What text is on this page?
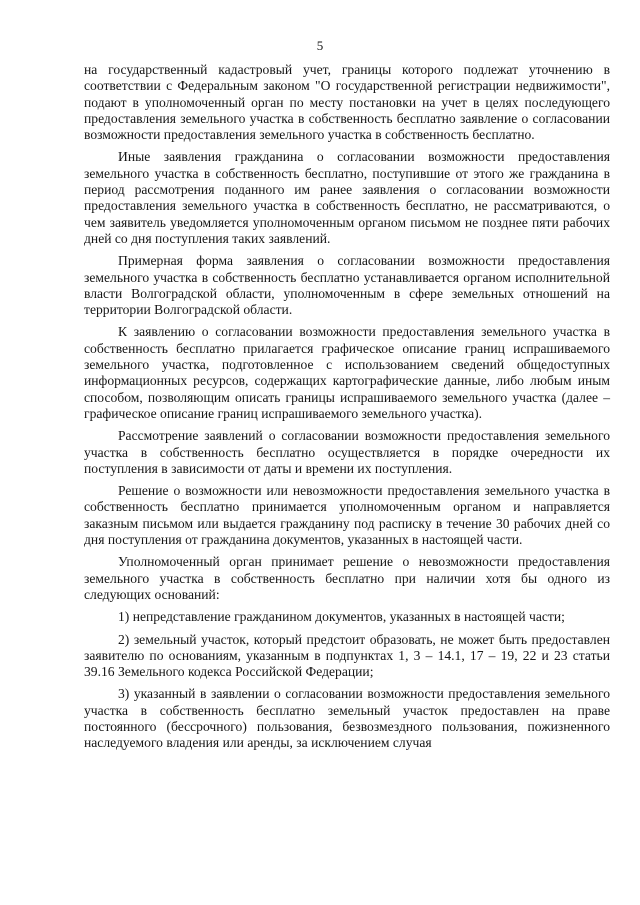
5

на государственный кадастровый учет, границы которого подлежат уточнению в соответствии с Федеральным законом "О государственной регистрации недвижимости", подают в уполномоченный орган по месту постановки на учет в целях последующего предоставления земельного участка в собственность бесплатно заявление о согласовании возможности предоставления земельного участка в собственность бесплатно.

Иные заявления гражданина о согласовании возможности предоставления земельного участка в собственность бесплатно, поступившие от этого же гражданина в период рассмотрения поданного им ранее заявления о согласовании возможности предоставления земельного участка в собственность бесплатно, не рассматриваются, о чем заявитель уведомляется уполномоченным органом письмом не позднее пяти рабочих дней со дня поступления таких заявлений.

Примерная форма заявления о согласовании возможности предоставления земельного участка в собственность бесплатно устанавливается органом исполнительной власти Волгоградской области, уполномоченным в сфере земельных отношений на территории Волгоградской области.

К заявлению о согласовании возможности предоставления земельного участка в собственность бесплатно прилагается графическое описание границ испрашиваемого земельного участка, подготовленное с использованием сведений общедоступных информационных ресурсов, содержащих картографические данные, либо любым иным способом, позволяющим описать границы испрашиваемого земельного участка (далее – графическое описание границ испрашиваемого земельного участка).

Рассмотрение заявлений о согласовании возможности предоставления земельного участка в собственность бесплатно осуществляется в порядке очередности их поступления в зависимости от даты и времени их поступления.

Решение о возможности или невозможности предоставления земельного участка в собственность бесплатно принимается уполномоченным органом и направляется заказным письмом или выдается гражданину под расписку в течение 30 рабочих дней со дня поступления от гражданина документов, указанных в настоящей части.

Уполномоченный орган принимает решение о невозможности предоставления земельного участка в собственность бесплатно при наличии хотя бы одного из следующих оснований:

1) непредставление гражданином документов, указанных в настоящей части;

2) земельный участок, который предстоит образовать, не может быть предоставлен заявителю по основаниям, указанным в подпунктах 1, 3 – 14.1, 17 – 19, 22 и 23 статьи 39.16 Земельного кодекса Российской Федерации;

3) указанный в заявлении о согласовании возможности предоставления земельного участка в собственность бесплатно земельный участок предоставлен на праве постоянного (бессрочного) пользования, безвозмездного пользования, пожизненного наследуемого владения или аренды, за исключением случая
